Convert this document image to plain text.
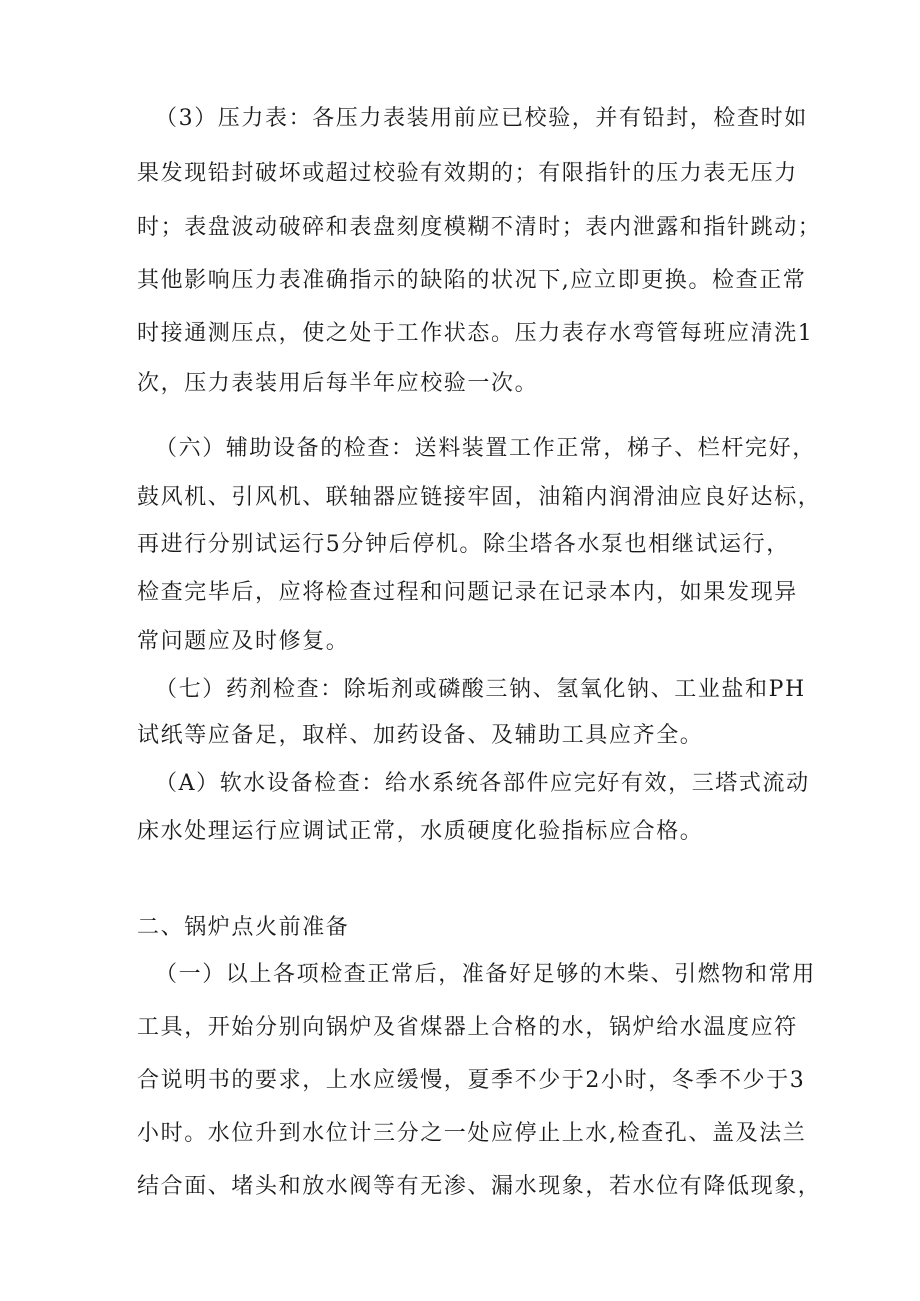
（3）压力表：各压力表装用前应已校验，并有铅封，检查时如
果发现铅封破坏或超过校验有效期的；有限指针的压力表无压力
时；表盘波动破碎和表盘刻度模糊不清时；表内泄露和指针跳动；
其他影响压力表准确指示的缺陷的状况下,应立即更换。检查正常
时接通测压点，使之处于工作状态。压力表存水弯管每班应清洗1
次，压力表装用后每半年应校验一次。
（六）辅助设备的检查：送料装置工作正常，梯子、栏杆完好，
鼓风机、引风机、联轴器应链接牢固，油箱内润滑油应良好达标，
再进行分别试运行5分钟后停机。除尘塔各水泵也相继试运行，
检查完毕后，应将检查过程和问题记录在记录本内，如果发现异
常问题应及时修复。
（七）药剂检查：除垢剂或磷酸三钠、氢氧化钠、工业盐和PH
试纸等应备足，取样、加药设备、及辅助工具应齐全。
（A）软水设备检查：给水系统各部件应完好有效，三塔式流动
床水处理运行应调试正常，水质硬度化验指标应合格。
二、锅炉点火前准备
（一）以上各项检查正常后，准备好足够的木柴、引燃物和常用
工具，开始分别向锅炉及省煤器上合格的水，锅炉给水温度应符
合说明书的要求，上水应缓慢，夏季不少于2小时，冬季不少于3
小时。水位升到水位计三分之一处应停止上水,检查孔、盖及法兰
结合面、堵头和放水阀等有无渗、漏水现象，若水位有降低现象，
